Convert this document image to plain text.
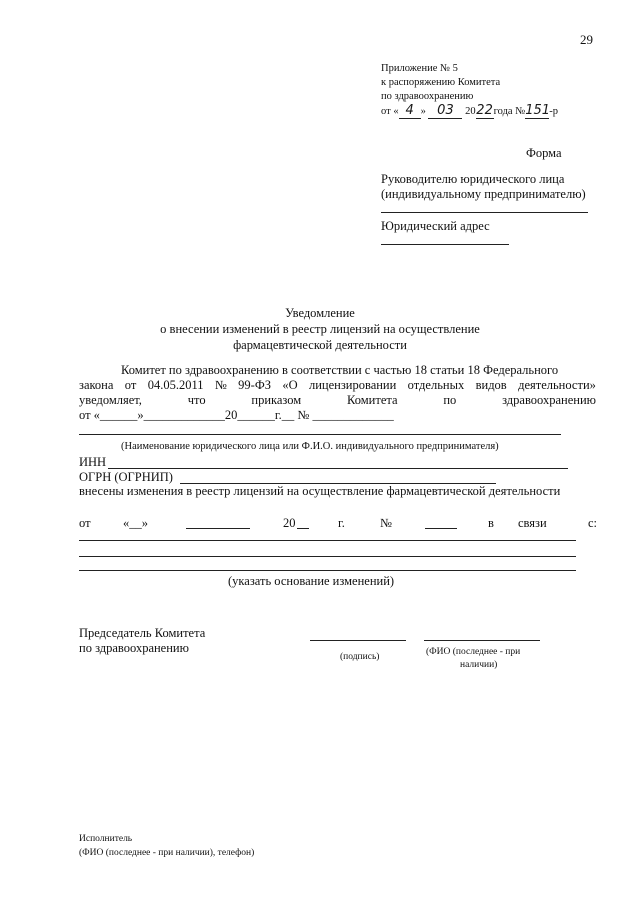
29
Приложение № 5
к распоряжению Комитета
по здравоохранению
от « 4 » 03 2022года №151-р
Форма
Руководителю юридического лица
(индивидуальному предпринимателю)
Юридический адрес
Уведомление
о внесении изменений в реестр лицензий на осуществление
фармацевтической деятельности
Комитет по здравоохранению в соответствии с частью 18 статьи 18 Федерального
закона от 04.05.2011 № 99-ФЗ «О лицензировании отдельных видов деятельности»
уведомляет,	что	приказом	Комитета	по	здравоохранению
от «______»_____________20______г.__ № _____________
(Наименование юридического лица или Ф.И.О. индивидуального предпринимателя)
ИНН
ОГРН (ОГРНИП)
внесены изменения в реестр лицензий на осуществление фармацевтической деятельности
от	«__»	20	г.	№	в связи	с:
(указать основание изменений)
Председатель Комитета
по здравоохранению
(подпись)	(ФИО (последнее - при
наличии)
Исполнитель
(ФИО (последнее - при наличии), телефон)
